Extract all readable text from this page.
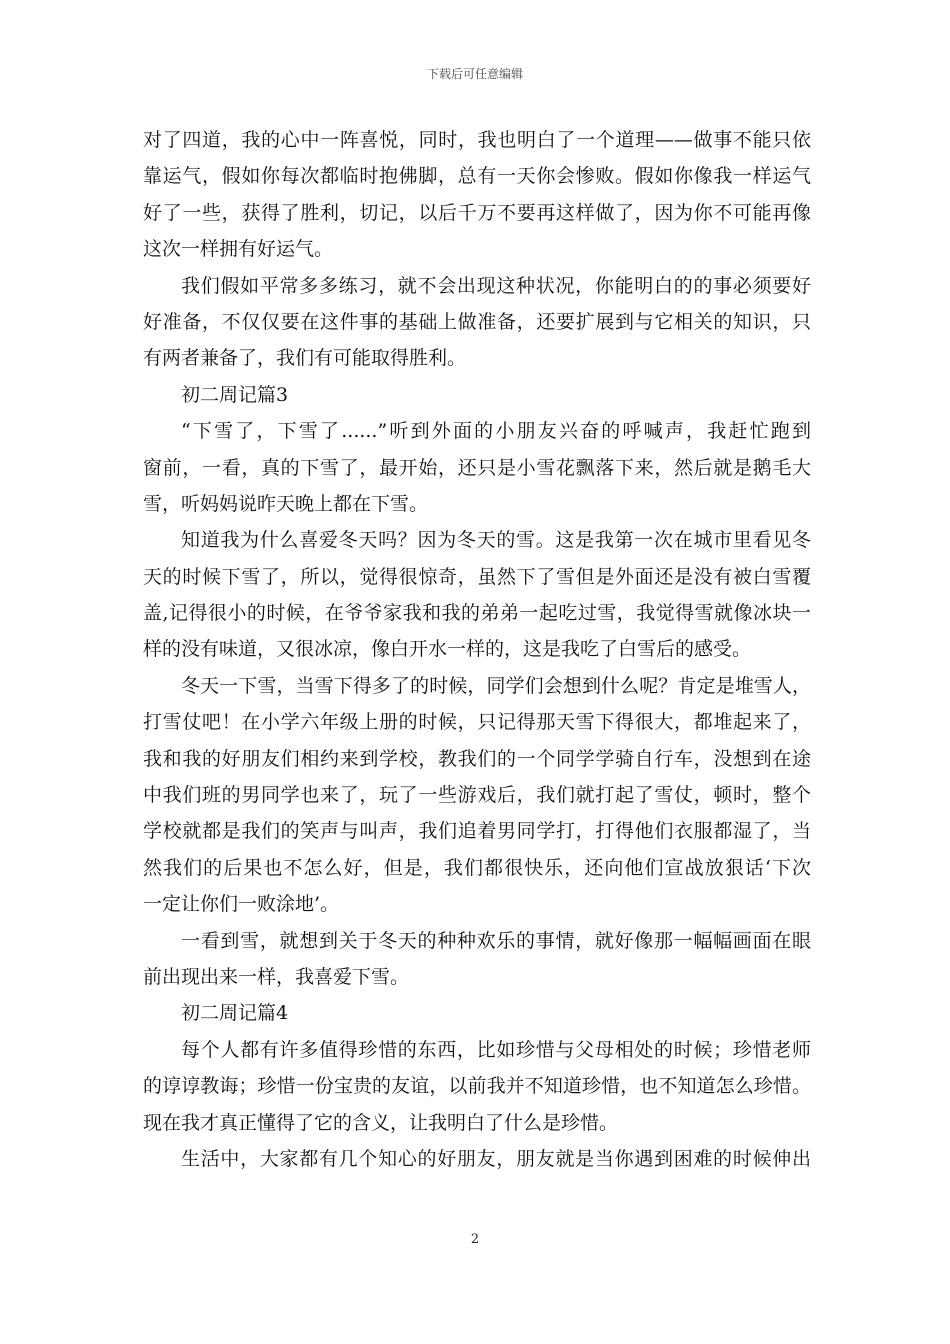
下载后可任意编辑
对了四道，我的心中一阵喜悦，同时，我也明白了一个道理——做事不能只依
靠运气，假如你每次都临时抱佛脚，总有一天你会惨败。假如你像我一样运气
好了一些，获得了胜利，切记，以后千万不要再这样做了，因为你不可能再像
这次一样拥有好运气。
我们假如平常多多练习，就不会出现这种状况，你能明白的的事必须要好
好准备，不仅仅要在这件事的基础上做准备，还要扩展到与它相关的知识，只
有两者兼备了，我们有可能取得胜利。
初二周记篇3
“下雪了，下雪了......”听到外面的小朋友兴奋的呼喊声，我赶忙跑到
窗前，一看，真的下雪了，最开始，还只是小雪花飘落下来，然后就是鹅毛大
雪，听妈妈说昨天晚上都在下雪。
知道我为什么喜爱冬天吗？因为冬天的雪。这是我第一次在城市里看见冬
天的时候下雪了，所以，觉得很惊奇，虽然下了雪但是外面还是没有被白雪覆
盖,记得很小的时候，在爷爷家我和我的弟弟一起吃过雪，我觉得雪就像冰块一
样的没有味道，又很冰凉，像白开水一样的，这是我吃了白雪后的感受。
冬天一下雪，当雪下得多了的时候，同学们会想到什么呢？肯定是堆雪人，
打雪仗吧！在小学六年级上册的时候，只记得那天雪下得很大，都堆起来了，
我和我的好朋友们相约来到学校，教我们的一个同学学骑自行车，没想到在途
中我们班的男同学也来了，玩了一些游戏后，我们就打起了雪仗，顿时，整个
学校就都是我们的笑声与叫声，我们追着男同学打，打得他们衣服都湿了，当
然我们的后果也不怎么好，但是，我们都很快乐，还向他们宣战放狠话‘下次
一定让你们一败涂地’。
一看到雪，就想到关于冬天的种种欢乐的事情，就好像那一幅幅画面在眼
前出现出来一样，我喜爱下雪。
初二周记篇4
每个人都有许多值得珍惜的东西，比如珍惜与父母相处的时候；珍惜老师
的谆谆教诲；珍惜一份宝贵的友谊，以前我并不知道珍惜，也不知道怎么珍惜。
现在我才真正懂得了它的含义，让我明白了什么是珍惜。
生活中，大家都有几个知心的好朋友，朋友就是当你遇到困难的时候伸出
2
